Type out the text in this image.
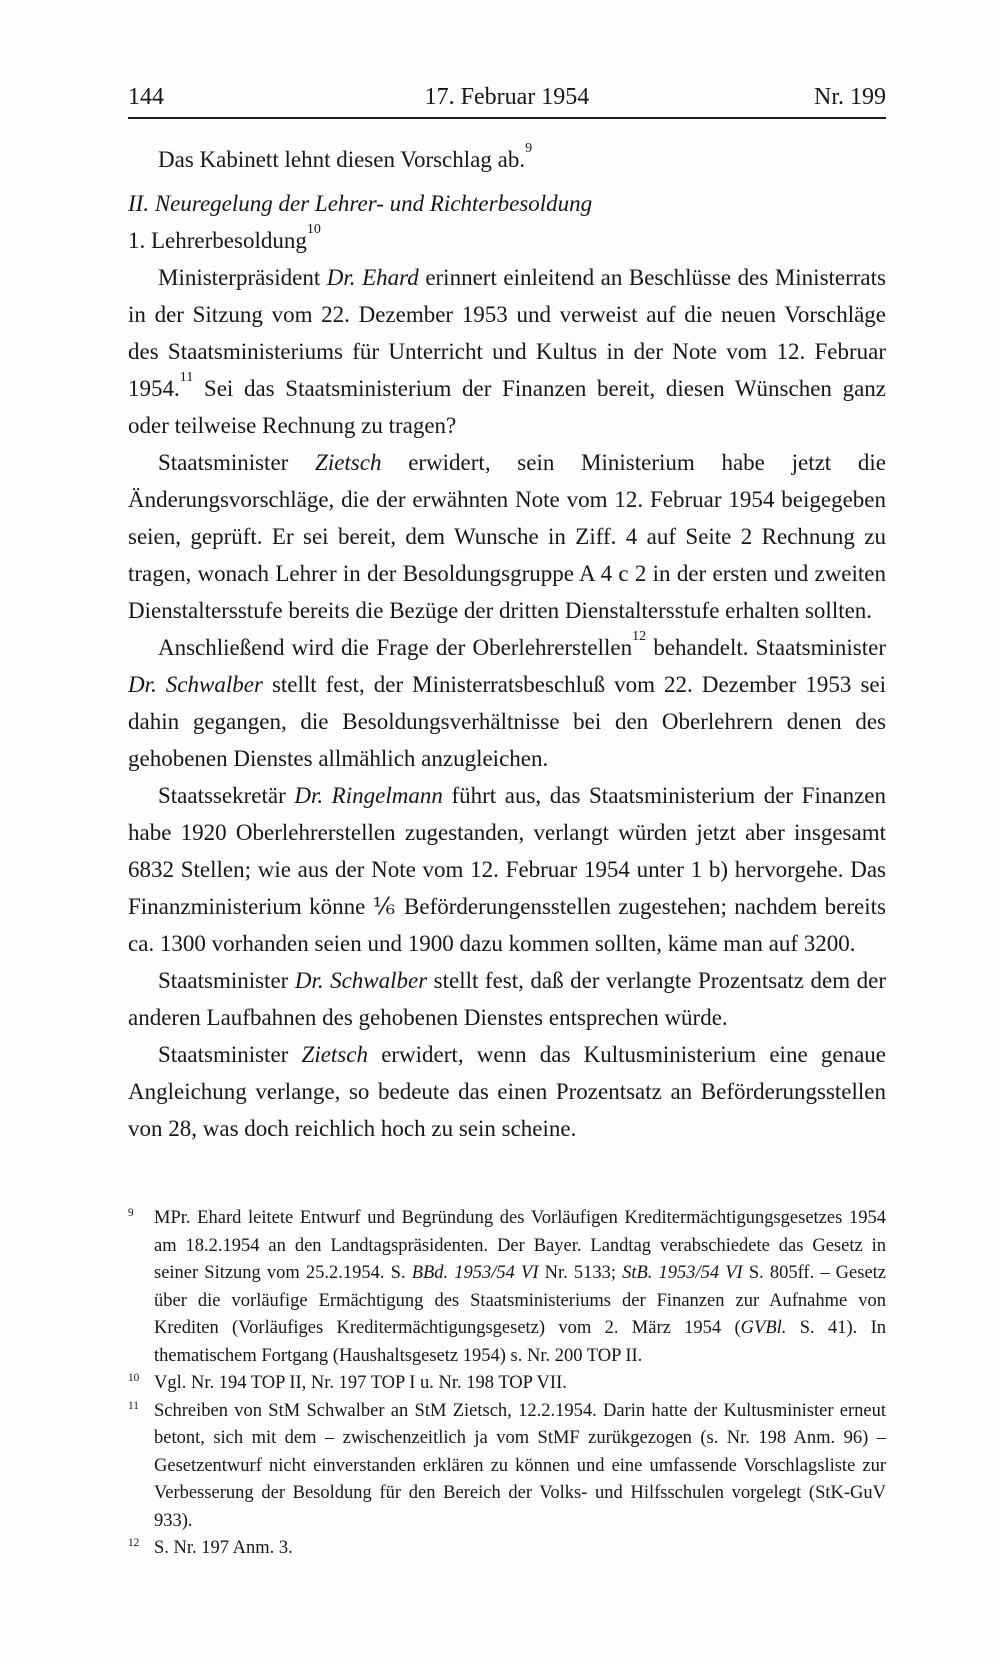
144	17. Februar 1954	Nr. 199

Das Kabinett lehnt diesen Vorschlag ab.$^9$

II. Neuregelung der Lehrer- und Richterbesoldung

1. Lehrerbesoldung$^{10}$

Ministerpräsident Dr. Ehard erinnert einleitend an Beschlüsse des Ministerrats in der Sitzung vom 22. Dezember 1953 und verweist auf die neuen Vorschläge des Staatsministeriums für Unterricht und Kultus in der Note vom 12. Februar 1954.11 Sei das Staatsministerium der Finanzen bereit, diesen Wünschen ganz oder teilweise Rechnung zu tragen?

Staatsminister Zietsch erwidert, sein Ministerium habe jetzt die Änderungsvorschläge, die der erwähnten Note vom 12. Februar 1954 beigegeben seien, geprüft. Er sei bereit, dem Wunsche in Ziff. 4 auf Seite 2 Rechnung zu tragen, wonach Lehrer in der Besoldungsgruppe A 4 c 2 in der ersten und zweiten Dienstaltersstufe bereits die Bezüge der dritten Dienstaltersstufe erhalten sollten.

Anschließend wird die Frage der Oberlehrerstellen$^{12}$ behandelt. Staatsminister Dr. Schwalber stellt fest, der Ministerratsbeschluß vom 22. Dezember 1953 sei dahin gegangen, die Besoldungsverhältnisse bei den Oberlehrern denen des gehobenen Dienstes allmählich anzugleichen.

Staatssekretär Dr. Ringelmann führt aus, das Staatsministerium der Finanzen habe 1920 Oberlehrerstellen zugestanden, verlangt würden jetzt aber insgesamt 6832 Stellen; wie aus der Note vom 12. Februar 1954 unter 1 b) hervorgehe. Das Finanzministerium könne ⅙ Beförderungensstellen zugestehen; nachdem bereits ca. 1300 vorhanden seien und 1900 dazu kommen sollten, käme man auf 3200.

Staatsminister Dr. Schwalber stellt fest, daß der verlangte Prozentsatz dem der anderen Laufbahnen des gehobenen Dienstes entsprechen würde.

Staatsminister Zietsch erwidert, wenn das Kultusministerium eine genaue Angleichung verlange, so bedeute das einen Prozentsatz an Beförderungsstellen von 28, was doch reichlich hoch zu sein scheine.

9	MPr. Ehard leitete Entwurf und Begründung des Vorläufigen Kreditermächtigungsgesetzes 1954 am 18.2.1954 an den Landtagspräsidenten. Der Bayer. Landtag verabschiedete das Gesetz in seiner Sitzung vom 25.2.1954. S. BBd. 1953/54 VI Nr. 5133; StB. 1953/54 VI S. 805ff. – Gesetz über die vorläufige Ermächtigung des Staatsministeriums der Finanzen zur Aufnahme von Krediten (Vorläufiges Kreditermächtigungsgesetz) vom 2. März 1954 (GVBl. S. 41). In thematischem Fortgang (Haushaltsgesetz 1954) s. Nr. 200 TOP II.
10 Vgl. Nr. 194 TOP II, Nr. 197 TOP I u. Nr. 198 TOP VII.
11 Schreiben von StM Schwalber an StM Zietsch, 12.2.1954. Darin hatte der Kultusminister erneut betont, sich mit dem – zwischenzeitlich ja vom StMF zurükgezogen (s. Nr. 198 Anm. 96) – Gesetzentwurf nicht einverstanden erklären zu können und eine umfassende Vorschlagsliste zur Verbesserung der Besoldung für den Bereich der Volks- und Hilfsschulen vorgelegt (StK-GuV 933).
12 S. Nr. 197 Anm. 3.
